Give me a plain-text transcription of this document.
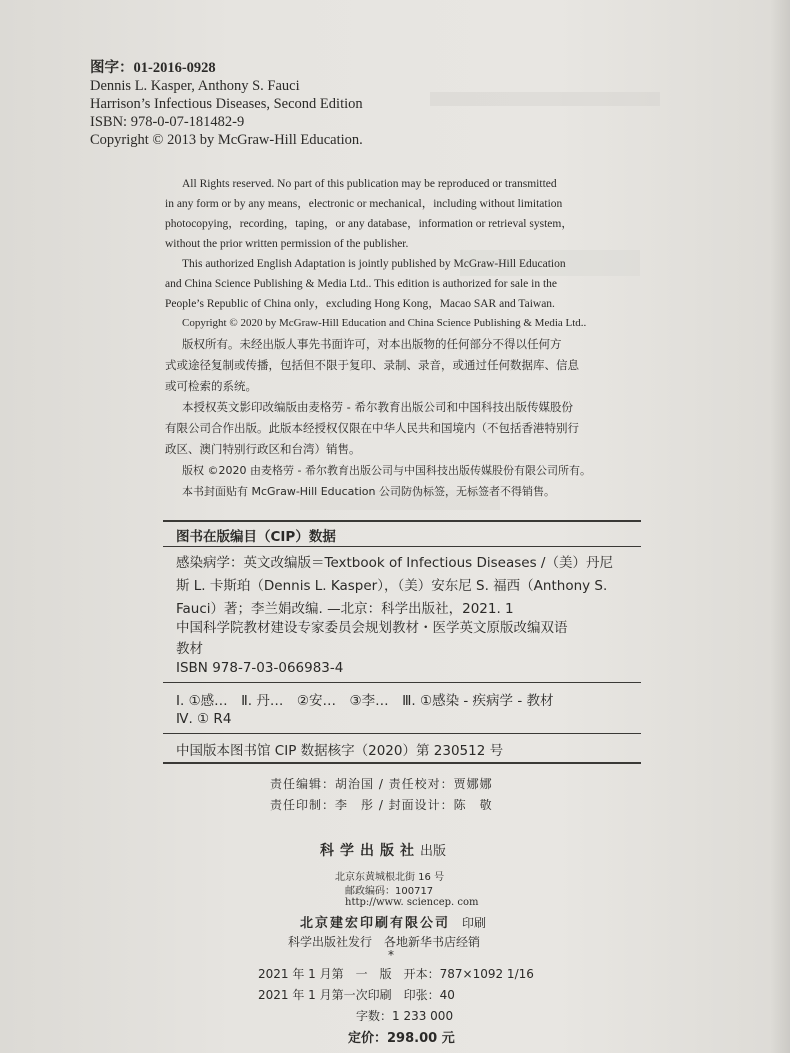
图字：01-2016-0928
Dennis L. Kasper, Anthony S. Fauci
Harrison’s Infectious Diseases, Second Edition
ISBN: 978-0-07-181482-9
Copyright © 2013 by McGraw-Hill Education.
All Rights reserved. No part of this publication may be reproduced or transmitted
in any form or by any means，electronic or mechanical，including without limitation
photocopying，recording，taping，or any database，information or retrieval system，
without the prior written permission of the publisher.
This authorized English Adaptation is jointly published by McGraw-Hill Education
and China Science Publishing & Media Ltd.. This edition is authorized for sale in the
People’s Republic of China only，excluding Hong Kong，Macao SAR and Taiwan.
Copyright © 2020 by McGraw-Hill Education and China Science Publishing & Media Ltd..
版权所有。未经出版人事先书面许可，对本出版物的任何部分不得以任何方
式或途径复制或传播，包括但不限于复印、录制、录音，或通过任何数据库、信息
或可检索的系统。
本授权英文影印改编版由麦格劳 - 希尔教育出版公司和中国科技出版传媒股份
有限公司合作出版。此版本经授权仅限在中华人民共和国境内（不包括香港特别行
政区、澳门特别行政区和台湾）销售。
版权 ©2020 由麦格劳 - 希尔教育出版公司与中国科技出版传媒股份有限公司所有。
本书封面贴有 McGraw-Hill Education 公司防伪标签，无标签者不得销售。
图书在版编目（CIP）数据
感染病学：英文改编版＝Textbook of Infectious Diseases /（美）丹尼
斯 L. 卡斯珀（Dennis L. Kasper），（美）安东尼 S. 福西（Anthony S.
Fauci）著；李兰娟改编. —北京：科学出版社，2021. 1
中国科学院教材建设专家委员会规划教材・医学英文原版改编双语
教材
ISBN 978-7-03-066983-4
Ⅰ. ①感…　Ⅱ. 丹…　②安…　③李…　Ⅲ. ①感染 - 疾病学 - 教材
Ⅳ. ① R4
中国版本图书馆 CIP 数据核字（2020）第 230512 号
责任编辑：胡治国 / 责任校对：贾娜娜
责任印制：李　彤 / 封面设计：陈　敬
科学出版社出版
北京东黄城根北街 16 号
邮政编码：100717
http://www. sciencep. com
北京建宏印刷有限公司 印刷
科学出版社发行　各地新华书店经销
*
2021 年 1 月第　一　版　开本：787×1092 1/16
2021 年 1 月第一次印刷　印张：40
字数：1 233 000
定价：298.00 元
